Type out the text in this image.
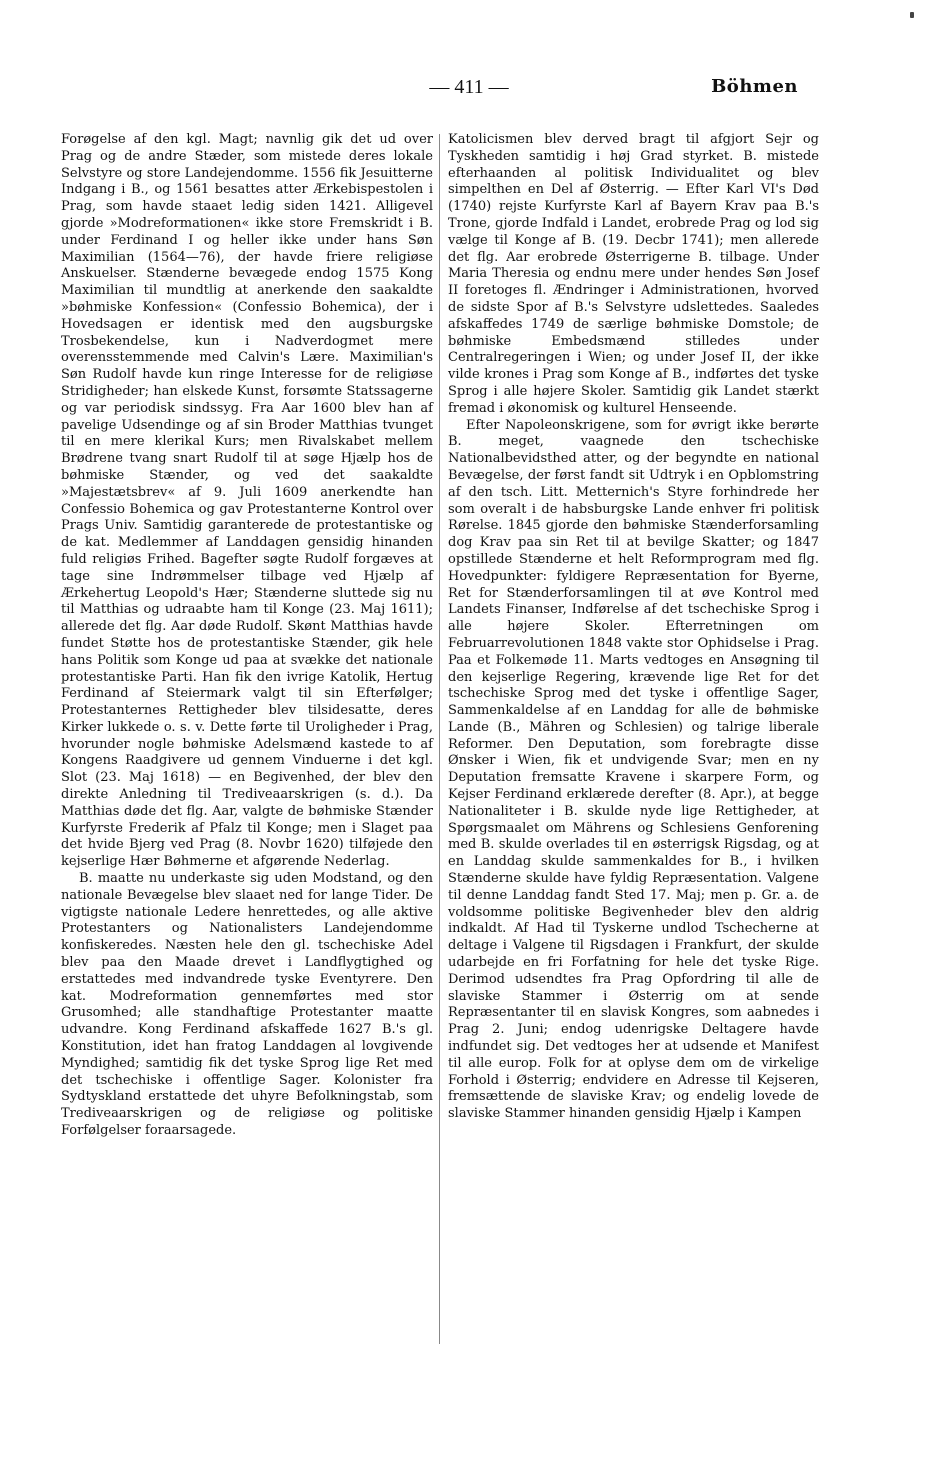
— 411 —	Böhmen

Forøgelse af den kgl. Magt; navnlig gik det ud over Prag og de andre Stæder, som mistede deres lokale Selvstyre og store Landejendomme. 1556 fik Jesuitterne Indgang i B., og 1561 besattes atter Ærkebispestolen i Prag, som havde staaet ledig siden 1421. Alligevel gjorde »Modreformationen« ikke store Fremskridt i B. under Ferdinand I og heller ikke under hans Søn Maximilian (1564—76), der havde friere religiøse Anskuelser. Stænderne bevægede endog 1575 Kong Maximilian til mundtlig at anerkende den saakaldte »bøhmiske Konfession« (Confessio Bohemica), der i Hovedsagen er identisk med den augsburgske Trosbekendelse, kun i Nadverdogmet mere overensstemmende med Calvin's Lære. Maximilian's Søn Rudolf havde kun ringe Interesse for de religiøse Stridigheder; han elskede Kunst, forsømte Statssagerne og var periodisk sindssyg. Fra Aar 1600 blev han af pavelige Udsendinge og af sin Broder Matthias tvunget til en mere klerikal Kurs; men Rivalskabet mellem Brødrene tvang snart Rudolf til at søge Hjælp hos de bøhmiske Stænder, og ved det saakaldte »Majestætsbrev« af 9. Juli 1609 anerkendte han Confessio Bohemica og gav Protestanterne Kontrol over Prags Univ. Samtidig garanterede de protestantiske og de kat. Medlemmer af Landdagen gensidig hinanden fuld religiøs Frihed. Bagefter søgte Rudolf forgæves at tage sine Indrømmelser tilbage ved Hjælp af Ærkehertug Leopold's Hær; Stænderne sluttede sig nu til Matthias og udraabte ham til Konge (23. Maj 1611); allerede det flg. Aar døde Rudolf. Skønt Matthias havde fundet Støtte hos de protestantiske Stænder, gik hele hans Politik som Konge ud paa at svække det nationale protestantiske Parti. Han fik den ivrige Katolik, Hertug Ferdinand af Steiermark valgt til sin Efterfølger; Protestanternes Rettigheder blev tilsidesatte, deres Kirker lukkede o. s. v. Dette førte til Uroligheder i Prag, hvorunder nogle bøhmiske Adelsmænd kastede to af Kongens Raadgivere ud gennem Vinduerne i det kgl. Slot (23. Maj 1618) — en Begivenhed, der blev den direkte Anledning til Trediveaarskrigen (s. d.). Da Matthias døde det flg. Aar, valgte de bøhmiske Stænder Kurfyrste Frederik af Pfalz til Konge; men i Slaget paa det hvide Bjerg ved Prag (8. Novbr 1620) tilføjede den kejserlige Hær Bøhmerne et afgørende Nederlag.

B. maatte nu underkaste sig uden Modstand, og den nationale Bevægelse blev slaaet ned for lange Tider. De vigtigste nationale Ledere henrettedes, og alle aktive Protestanters og Nationalisters Landejendomme konfiskeredes. Næsten hele den gl. tschechiske Adel blev paa den Maade drevet i Landflygtighed og erstattedes med indvandrede tyske Eventyrere. Den kat. Modreformation gennemførtes med stor Grusomhed; alle standhaftige Protestanter maatte udvandre. Kong Ferdinand afskaffede 1627 B.'s gl. Konstitution, idet han fratog Landdagen al lovgivende Myndighed; samtidig fik det tyske Sprog lige Ret med det tschechiske i offentlige Sager. Kolonister fra Sydtyskland erstattede det uhyre Befolkningstab, som Trediveaarskrigen og de religiøse og politiske Forfølgelser foraarsagede.

Katolicismen blev derved bragt til afgjort Sejr og Tyskheden samtidig i høj Grad styrket. B. mistede efterhaanden al politisk Individualitet og blev simpelthen en Del af Østerrig. — Efter Karl VI's Død (1740) rejste Kurfyrste Karl af Bayern Krav paa B.'s Trone, gjorde Indfald i Landet, erobrede Prag og lod sig vælge til Konge af B. (19. Decbr 1741); men allerede det flg. Aar erobrede Østerrigerne B. tilbage. Under Maria Theresia og endnu mere under hendes Søn Josef II foretoges fl. Ændringer i Administrationen, hvorved de sidste Spor af B.'s Selvstyre udslettedes. Saaledes afskaffedes 1749 de særlige bøhmiske Domstole; de bøhmiske Embedsmænd stilledes under Centralregeringen i Wien; og under Josef II, der ikke vilde krones i Prag som Konge af B., indførtes det tyske Sprog i alle højere Skoler. Samtidig gik Landet stærkt fremad i økonomisk og kulturel Henseende.

Efter Napoleonskrigene, som for øvrigt ikke berørte B. meget, vaagnede den tschechiske Nationalbevidsthed atter, og der begyndte en national Bevægelse, der først fandt sit Udtryk i en Opblomstring af den tsch. Litt. Metternich's Styre forhindrede her som overalt i de habsburgske Lande enhver fri politisk Rørelse. 1845 gjorde den bøhmiske Stænderforsamling dog Krav paa sin Ret til at bevilge Skatter; og 1847 opstillede Stænderne et helt Reformprogram med flg. Hovedpunkter: fyldigere Repræsentation for Byerne, Ret for Stænderforsamlingen til at øve Kontrol med Landets Finanser, Indførelse af det tschechiske Sprog i alle højere Skoler. Efterretningen om Februarrevolutionen 1848 vakte stor Ophidselse i Prag. Paa et Folkemøde 11. Marts vedtoges en Ansøgning til den kejserlige Regering, krævende lige Ret for det tschechiske Sprog med det tyske i offentlige Sager, Sammenkaldelse af en Landdag for alle de bøhmiske Lande (B., Mähren og Schlesien) og talrige liberale Reformer. Den Deputation, som forebragte disse Ønsker i Wien, fik et undvigende Svar; men en ny Deputation fremsatte Kravene i skarpere Form, og Kejser Ferdinand erklærede derefter (8. Apr.), at begge Nationaliteter i B. skulde nyde lige Rettigheder, at Spørgsmaalet om Mährens og Schlesiens Genforening med B. skulde overlades til en østerrigsk Rigsdag, og at en Landdag skulde sammenkaldes for B., i hvilken Stænderne skulde have fyldig Repræsentation. Valgene til denne Landdag fandt Sted 17. Maj; men p. Gr. a. de voldsomme politiske Begivenheder blev den aldrig indkaldt. Af Had til Tyskerne undlod Tschecherne at deltage i Valgene til Rigsdagen i Frankfurt, der skulde udarbejde en fri Forfatning for hele det tyske Rige. Derimod udsendtes fra Prag Opfordring til alle de slaviske Stammer i Østerrig om at sende Repræsentanter til en slavisk Kongres, som aabnedes i Prag 2. Juni; endog udenrigske Deltagere havde indfundet sig. Det vedtoges her at udsende et Manifest til alle europ. Folk for at oplyse dem om de virkelige Forhold i Østerrig; endvidere en Adresse til Kejseren, fremsættende de slaviske Krav; og endelig lovede de slaviske Stammer hinanden gensidig Hjælp i Kampen
